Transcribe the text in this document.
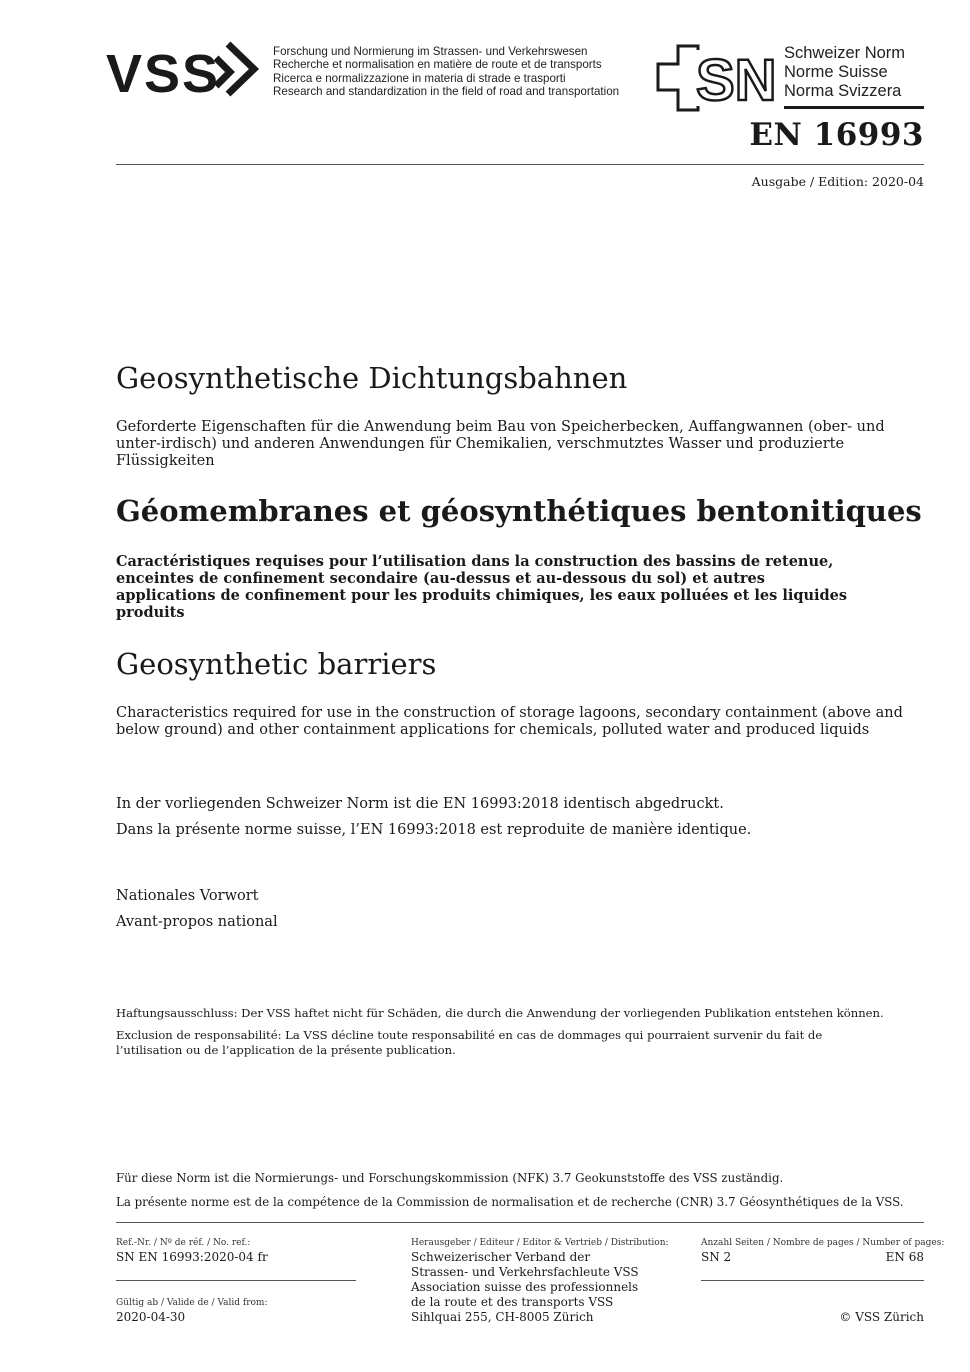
VSS	Forschung und Normierung im Strassen- und Verkehrswesen
Recherche et normalisation en matière de route et de transports
Ricerca e normalizzazione in materia di strade e trasporti
Research and standardization in the field of road and transportation SN Schweizer Norm
Norme Suisse
Norma Svizzera
EN 16993
Ausgabe / Edition: 2020-04
Geosynthetische Dichtungsbahnen
Geforderte Eigenschaften für die Anwendung beim Bau von Speicherbecken, Auffangwannen (ober- und unter-irdisch) und anderen Anwendungen für Chemikalien, verschmutztes Wasser und produzierte Flüssigkeiten
Géomembranes et géosynthétiques bentonitiques
Caractéristiques requises pour l’utilisation dans la construction des bassins de retenue, enceintes de confinement secondaire (au-dessus et au-dessous du sol) et autres applications de confinement pour les produits chimiques, les eaux polluées et les liquides produits
Geosynthetic barriers
Characteristics required for use in the construction of storage lagoons, secondary containment (above and below ground) and other containment applications for chemicals, polluted water and produced liquids
In der vorliegenden Schweizer Norm ist die EN 16993:2018 identisch abgedruckt.
Dans la présente norme suisse, l’EN 16993:2018 est reproduite de manière identique.
Nationales Vorwort
Avant-propos national
Haftungsausschluss: Der VSS haftet nicht für Schäden, die durch die Anwendung der vorliegenden Publikation entstehen können.
Exclusion de responsabilité: La VSS décline toute responsabilité en cas de dommages qui pourraient survenir du fait de l’utilisation ou de l’application de la présente publication.
Für diese Norm ist die Normierungs- und Forschungskommission (NFK) 3.7 Geokunststoffe des VSS zuständig.
La présente norme est de la compétence de la Commission de normalisation et de recherche (CNR) 3.7 Géosynthétiques de la VSS.
Ref.-Nr. / Nº de réf. / No. ref.:
SN EN 16993:2020-04 fr
Gültig ab / Valide de / Valid from:
2020-04-30
Herausgeber / Editeur / Editor & Vertrieb / Distribution:
Schweizerischer Verband der
Strassen- und Verkehrsfachleute VSS
Association suisse des professionnels
de la route et des transports VSS
Sihlquai 255, CH-8005 Zürich
Anzahl Seiten / Nombre de pages / Number of pages:
SN 2	EN 68
© VSS Zürich
